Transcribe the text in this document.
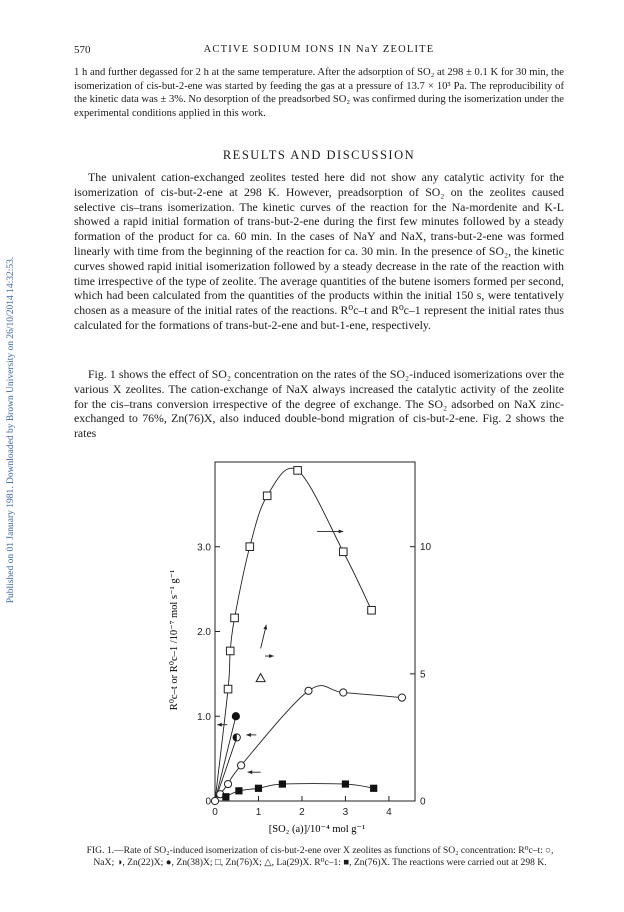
Published on 01 January 1981. Downloaded by Brown University on 26/10/2014 14:32:53.
570	ACTIVE SODIUM IONS IN NaY ZEOLITE
1 h and further degassed for 2 h at the same temperature. After the adsorption of SO₂ at 298 ± 0.1 K for 30 min, the isomerization of cis-but-2-ene was started by feeding the gas at a pressure of 13.7 × 10³ Pa. The reproducibility of the kinetic data was ± 3%. No desorption of the preadsorbed SO₂ was confirmed during the isomerization under the experimental conditions applied in this work.
RESULTS AND DISCUSSION
The univalent cation-exchanged zeolites tested here did not show any catalytic activity for the isomerization of cis-but-2-ene at 298 K. However, preadsorption of SO₂ on the zeolites caused selective cis–trans isomerization. The kinetic curves of the reaction for the Na-mordenite and K-L showed a rapid initial formation of trans-but-2-ene during the first few minutes followed by a steady formation of the product for ca. 60 min. In the cases of NaY and NaX, trans-but-2-ene was formed linearly with time from the beginning of the reaction for ca. 30 min. In the presence of SO₂, the kinetic curves showed rapid initial isomerization followed by a steady decrease in the rate of the reaction with time irrespective of the type of zeolite. The average quantities of the butene isomers formed per second, which had been calculated from the quantities of the products within the initial 150 s, were tentatively chosen as a measure of the initial rates of the reactions. R⁰c–t and R⁰c–1 represent the initial rates thus calculated for the formations of trans-but-2-ene and but-1-ene, respectively.
Fig. 1 shows the effect of SO₂ concentration on the rates of the SO₂-induced isomerizations over the various X zeolites. The cation-exchange of NaX always increased the catalytic activity of the zeolite for the cis–trans conversion irrespective of the degree of exchange. The SO₂ adsorbed on NaX zinc-exchanged to 76%, Zn(76)X, also induced double-bond migration of cis-but-2-ene. Fig. 2 shows the rates
0	1	2	3	4
0
1.0
2.0
3.0
0
5
10
[SO₂ (a)]/10⁻⁴ mol g⁻¹
R⁰c–t or R⁰c–1 /10⁻⁷ mol s⁻¹ g⁻¹
FIG. 1.—Rate of SO₂-induced isomerization of cis-but-2-ene over X zeolites as functions of SO₂ concentration: R⁰c–t: ○, NaX; ◑, Zn(22)X; ●, Zn(38)X; □, Zn(76)X; △, La(29)X. R⁰c–1: ■, Zn(76)X. The reactions were carried out at 298 K.
